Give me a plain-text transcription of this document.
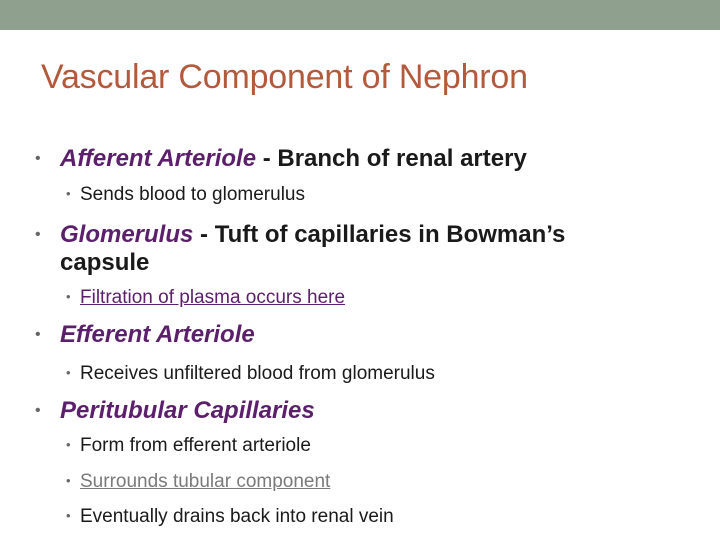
Vascular Component of Nephron
• Afferent Arteriole - Branch of renal artery
• Sends blood to glomerulus
• Glomerulus - Tuft of capillaries in Bowman’s
capsule
• Filtration of plasma occurs here
• Efferent Arteriole
• Receives unfiltered blood from glomerulus
• Peritubular Capillaries
• Form from efferent arteriole
• Surrounds tubular component
• Eventually drains back into renal vein
